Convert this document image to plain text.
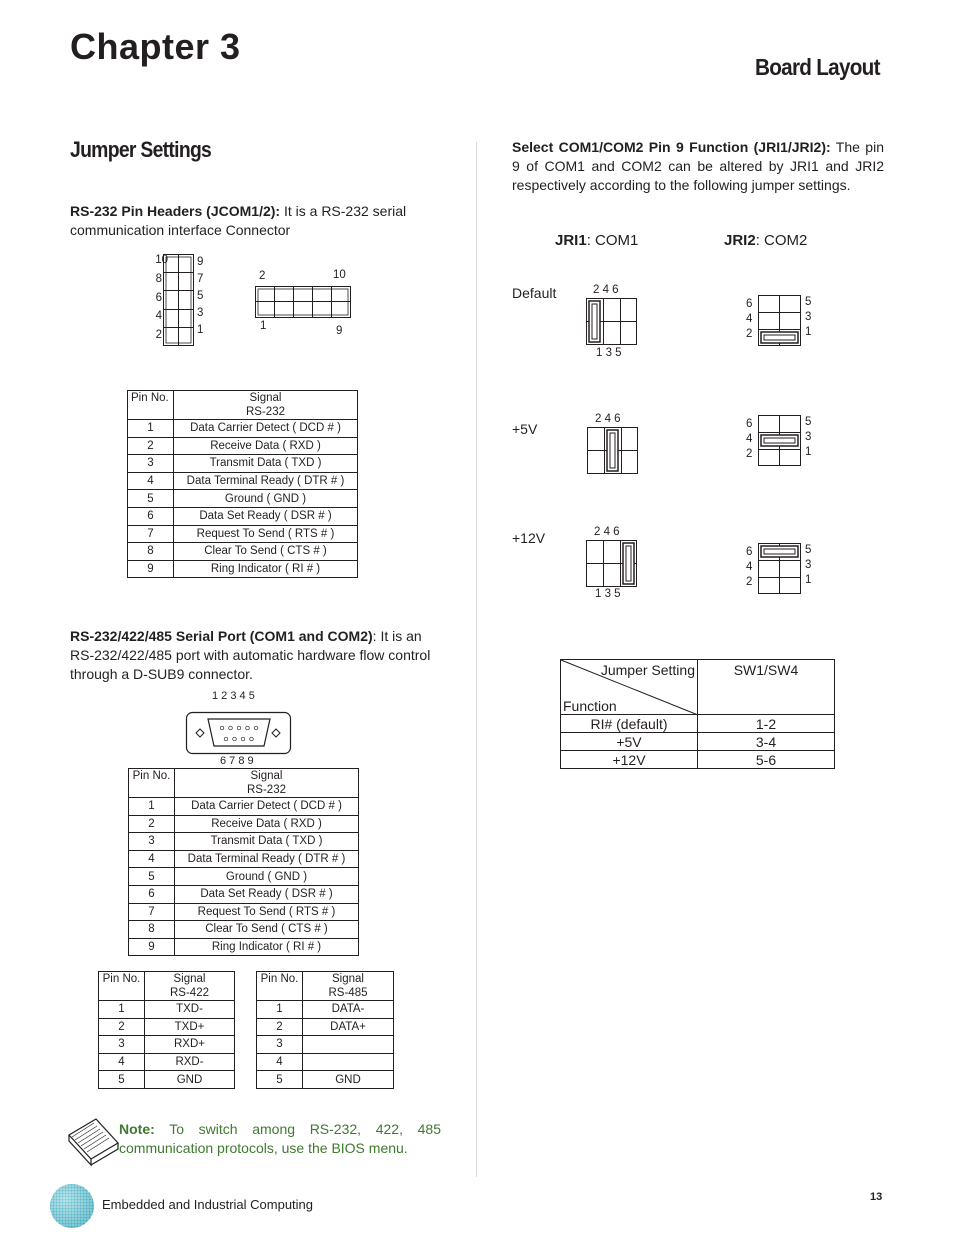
Chapter 3	Board Layout
Jumper Settings
RS-232 Pin Headers (JCOM1/2): It is a RS-232 serial communication interface Connector
10
8
6
4
2
9
7
5
3
1
2	10
1	9
Pin No.	Signal
	RS-232
1	Data Carrier Detect ( DCD # )
2	Receive Data ( RXD )
3	Transmit Data ( TXD )
4	Data Terminal Ready ( DTR # )
5	Ground ( GND )
6	Data Set Ready ( DSR # )
7	Request To Send ( RTS # )
8	Clear To Send ( CTS # )
9	Ring Indicator ( RI # )
RS-232/422/485 Serial Port (COM1 and COM2): It is an RS-232/422/485 port with automatic hardware flow control through a D-SUB9 connector.
1 2 3 4 5
6 7 8 9
Pin No.	Signal
	RS-232
1	Data Carrier Detect ( DCD # )
2	Receive Data ( RXD )
3	Transmit Data ( TXD )
4	Data Terminal Ready ( DTR # )
5	Ground ( GND )
6	Data Set Ready ( DSR # )
7	Request To Send ( RTS # )
8	Clear To Send ( CTS # )
9	Ring Indicator ( RI # )
Pin No.	Signal
	RS-422
1	TXD-
2	TXD+
3	RXD+
4	RXD-
5	GND
Pin No.	Signal
	RS-485
1	DATA-
2	DATA+
3	
4	
5	GND
Note: To switch among RS-232, 422, 485 communication protocols, use the BIOS menu.
Select COM1/COM2 Pin 9 Function (JRI1/JRI2): The pin 9 of COM1 and COM2 can be altered by JRI1 and JRI2 respectively according to the following jumper settings.
JRI1: COM1	JRI2: COM2
Default
+5V
+12V
2 4 6
1 3 5
2 4 6
2 4 6
1 3 5
6
4
2
5
3
1
6
4
2
5
3
1
6
4
2
5
3
1
Jumper Setting
Function	SW1/SW4
RI# (default)	1-2
+5V	3-4
+12V	5-6
Embedded and Industrial Computing	13
